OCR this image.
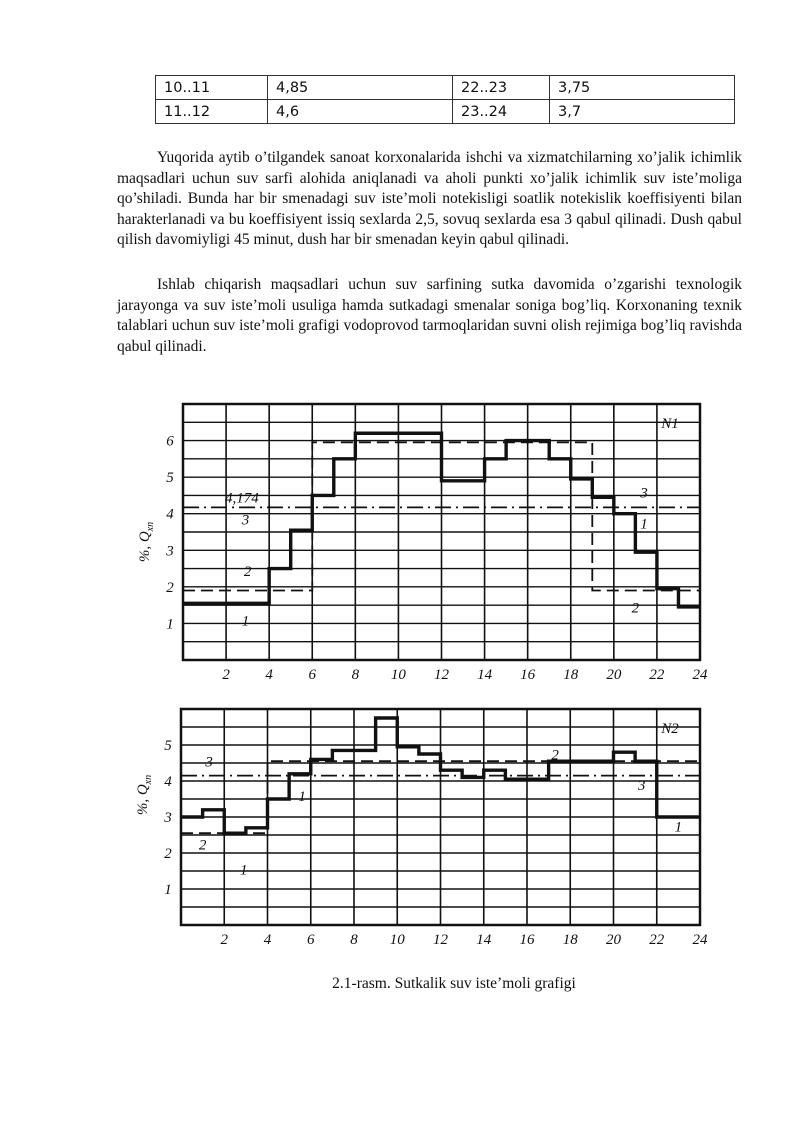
10..11	4,85	22..23	3,75
11..12	4,6	23..24	3,7

Yuqorida aytib o’tilgandek sanoat korxonalarida ishchi va xizmatchilarning xo’jalik ichimlik maqsadlari uchun suv sarfi alohida aniqlanadi va aholi punkti xo’jalik ichimlik suv iste’moliga qo’shiladi. Bunda har bir smenadagi suv iste’moli notekisligi soatlik notekislik koeffisiyenti bilan harakterlanadi va bu koeffisiyent issiq sexlarda 2,5, sovuq sexlarda esa 3 qabul qilinadi. Dush qabul qilish davomiyligi 45 minut, dush har bir smenadan keyin qabul qilinadi.

Ishlab chiqarish maqsadlari uchun suv sarfining sutka davomida o’zgarishi texnologik jarayonga va suv iste’moli usuliga hamda sutkadagi smenalar soniga bog’liq. Korxonaning texnik talablari uchun suv iste’moli grafigi vodoprovod tarmoqlaridan suvni olish rejimiga bog’liq ravishda qabul qilinadi.

2 4 6 8 10 12 14 16 18 20 22 24
1
2
3
4
5
6
%, $Q_{хп}$
N1
4,174
1
2
3
3
1
2
2 4 6 8 10 12 14 16 18 20 22 24
1
2
3
4
5
%, $Q_{хп}$
N2
3
2
1
1
2
3
1
2.1-rasm. Sutkalik suv iste’moli grafigi
